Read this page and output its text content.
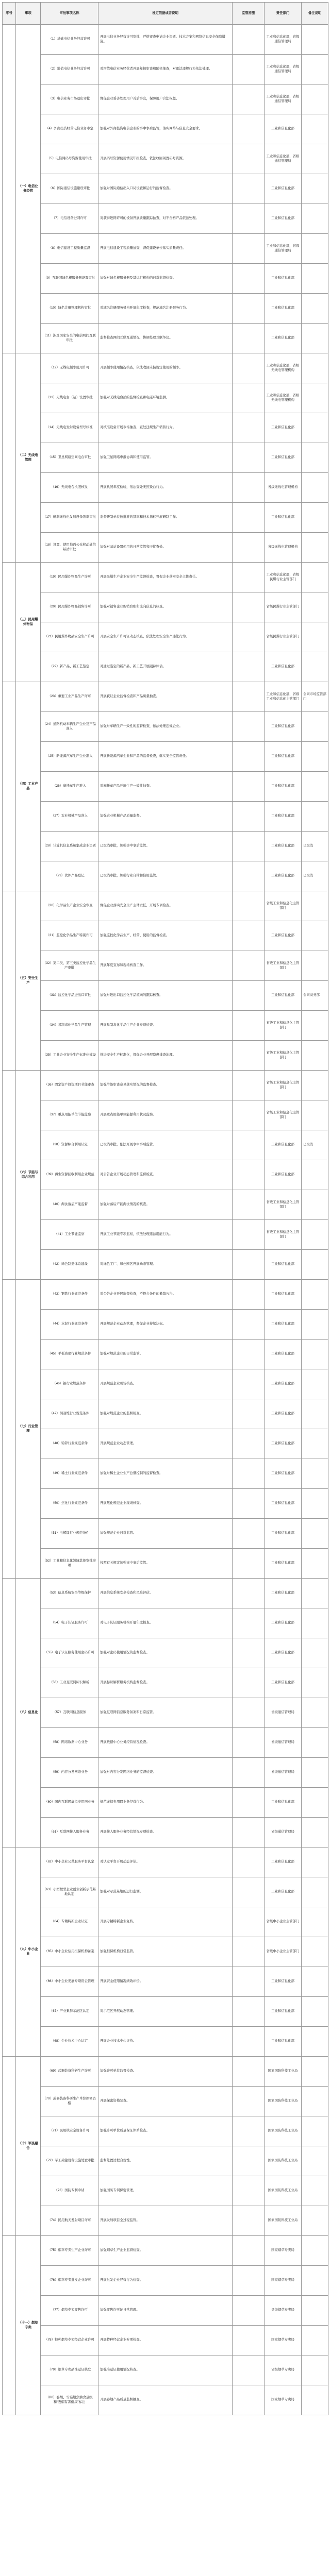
序号	事项	审批事项名称	设定依据或者说明	监管措施	责任部门	备注说明
	（一）电信业务经营	（1）基础电信业务经营许可	开展电信业务经营许可审批，严格审查申请企业资质、技术方案和网络信息安全保障措施。		工业和信息化部，省级通信管理局	
		（2）增值电信业务经营许可	对增值电信业务经营者开展年报审查和随机抽查，对违法违规行为依法处理。		工业和信息化部，省级通信管理局	
		（3）电信业务市场退出审批	督促企业妥善处理用户善后事宜，保障用户合法权益。		工业和信息化部，省级通信管理局	
		（4）外商投资经营电信业务审定	加强对外商投资电信企业的事中事后监管，落实网络与信息安全要求。		工业和信息化部	
		（5）电信网码号资源使用审批	开展码号资源使用情况年报检查，依法收回闲置码号资源。		工业和信息化部，省级通信管理局	
		（6）国际通信设施建设审批	加强对国际通信出入口局设置和运行的监督检查。		工业和信息化部	
		（7）电信设备进网许可	对获得进网许可的设备开展质量跟踪抽查，对不合格产品依法处理。		工业和信息化部	
		（8）电信建设工程质量监督	开展电信建设工程质量抽查，督促建设单位落实质量责任。		工业和信息化部，省级通信管理局	
		（9）互联网域名根服务器设置审批	加强对域名根服务器及其运行机构的日常监督检查。		工业和信息化部	
		（10）域名注册管理机构审批	对域名注册服务机构开展年度检查，规范域名注册服务行为。		工业和信息化部	
		（11）涉及国家安全的电信网间互联审批	监督检查网间互联互通情况，协调处理互联争议。		工业和信息化部	
	（二）无线电管理	（12）无线电频率使用许可	开展频率使用情况核查，依法收回未按规定使用的频率。		工业和信息化部，省级无线电管理机构	
		（13）无线电台（站）设置审批	加强对无线电台站的监督检查和电磁环境监测。		工业和信息化部，省级无线电管理机构	
		（14）无线电发射设备型号核准	对核准设备开展市场抽查，查处违规生产销售行为。		工业和信息化部	
		（15）卫星网络空间电台审批	加强卫星网络申报协调和使用监管。		工业和信息化部	
		（16）无线电台执照核发	开展执照年度检验，依法查处无照设台行为。		省级无线电管理机构	
		（17）研制无线电发射设备频率审批	监督研制单位按批准的频率和技术指标开展研制工作。		工业和信息化部	
		（18）设置、使用地面公众移动通信基站审批	加强对基站设置使用的日常监管和干扰查处。		省级无线电管理机构	
	（三）民用爆炸物品	（19）民用爆炸物品生产许可	开展民爆生产企业安全生产监督检查，督促企业落实安全主体责任。		工业和信息化部，省级民爆行业主管部门	
		（20）民用爆炸物品销售许可	加强对销售企业购销台账和流向信息的核查。		省级民爆行业主管部门	
		（21）民用爆炸物品安全生产许可	开展安全生产许可证动态核查，依法处理安全生产违法行为。		省级民爆行业主管部门	
		（22）新产品、新工艺鉴定	对通过鉴定的新产品、新工艺开展跟踪评估。		工业和信息化部	
	（四）工业产品	（23）重要工业产品生产许可	开展获证企业监督检查和产品质量抽查。		工业和信息化部，省级工业和信息化主管部门	会同市场监管部门
		（24）道路机动车辆生产企业及产品准入	加强对车辆生产一致性的监督检查，依法处理违规企业。		工业和信息化部	
		（25）新能源汽车生产企业准入	开展新能源汽车企业和产品的监督检查，落实安全监管责任。		工业和信息化部	
		（26）摩托车生产准入	对摩托车产品开展生产一致性抽查。		工业和信息化部	
		（27）农业机械产品准入	加强农业机械产品质量监督。		工业和信息化部	
		（28）计算机信息系统集成企业资质	已取消审批，加强事中事后监管。		工业和信息化部	已取消
		（29）软件产品登记	已取消审批，加强行业自律和信用监管。		工业和信息化部	已取消
	（五）安全生产	（30）化学品生产企业安全审查	督促企业落实安全生产主体责任，开展专项检查。		省级工业和信息化主管部门	
		（31）监控化学品生产特别许可	加强监控化学品生产、经营、使用的监督检查。		工业和信息化部	
		（32）第二类、第三类监控化学品生产审批	开展年度宣布和现场核查工作。		省级工业和信息化主管部门	
		（33）监控化学品进出口审批	加强对进出口监控化学品流向的跟踪核查。		工业和信息化部	会同商务部
		（34）易制毒化学品生产管理	开展易制毒化学品生产企业专项检查。		省级工业和信息化主管部门	
		（35）工业企业安全生产标准化建设	推进安全生产标准化，督促企业开展隐患排查治理。		省级工业和信息化主管部门	
	（六）节能与综合利用	（36）固定资产投资项目节能审查	加强节能审查意见落实情况的监督检查。		省级工业和信息化主管部门	
		（37）重点用能单位节能监察	开展重点用能单位能源利用状况监察。		省级工业和信息化主管部门	
		（38）资源综合利用认定	已取消审批，依法开展事中事后监管。		工业和信息化部	已取消
		（39）再生资源回收利用企业规范	对公告企业开展动态管理和监督检查。		工业和信息化部	
		（40）淘汰落后产能监督	加强对落后产能淘汰情况的核查。		省级工业和信息化主管部门	
		（41）工业节能监察	开展工业节能专项监察，依法处理违法用能行为。		省级工业和信息化主管部门	
		（42）绿色制造体系建设	对绿色工厂、绿色园区开展动态管理。		工业和信息化部	
	（七）行业管理	（43）钢铁行业规范条件	对公告企业开展监督检查，不符合条件的撤销公告。		工业和信息化部	
		（44）水泥行业规范条件	开展规范企业动态管理，督促企业持续达标。		工业和信息化部	
		（45）平板玻璃行业规范条件	加强对规范企业的日常监管。		工业和信息化部	
		（46）铝行业规范条件	开展规范企业现场核查。		工业和信息化部	
		（47）铜冶炼行业规范条件	加强对规范企业的监督检查。		工业和信息化部	
		（48）铅锌行业规范条件	开展规范企业动态管理。		工业和信息化部	
		（49）稀土行业规范条件	加强对稀土企业生产总量控制的监督检查。		工业和信息化部	
		（50）焦化行业规范条件	开展焦化规范企业现场核查。		工业和信息化部	
		（51）电解锰行业规范条件	加强规范企业日常监管。		工业和信息化部	
		（52）工业和信息化领域其他审批事项	按照有关规定加强事中事后监管。		工业和信息化部	
	（八）信息化	（53）信息系统安全等级保护	开展信息系统安全检查和风险评估。		工业和信息化部	
		（54）电子认证服务许可	对电子认证服务机构开展年度检查。		工业和信息化部	
		（55）电子认证服务使用密码许可	加强对密码使用情况的监督检查。		工业和信息化部	
		（56）工业互联网标识解析	开展标识解析服务机构监督检查。		工业和信息化部	
		（57）互联网信息服务	加强互联网信息服务备案和日常监管。		省级通信管理局	
		（58）网络数据中心业务	开展数据中心业务经营情况检查。		省级通信管理局	
		（59）内容分发网络业务	加强对内容分发网络业务的监督检查。		省级通信管理局	
		（60）国内互联网虚拟专用网业务	规范虚拟专用网业务经营行为。		工业和信息化部	
		（61）互联网接入服务业务	开展接入服务业务经营情况专项检查。		省级通信管理局	
	（九）中小企业	（62）中小企业公共服务平台认定	对认定平台开展动态评估。		工业和信息化部	
		（63）小型微型企业创业创新示范基地认定	加强对示范基地的运行监测。		工业和信息化部	
		（64）专精特新企业认定	开展专精特新企业复核。		省级中小企业主管部门	
		（65）中小企业信用担保机构备案	加强担保机构日常监管。		省级中小企业主管部门	
		（66）中小企业发展专项资金管理	开展资金使用情况绩效评价。		工业和信息化部	
		（67）产业集群示范区认定	对示范区开展动态管理。		工业和信息化部	
		（68）企业技术中心认定	开展企业技术中心评价。		工业和信息化部	
	（十）军民融合	（69）武器装备科研生产许可	加强许可单位监督检查。		国家国防科技工业局	
		（70）武器装备科研生产单位保密资格	开展保密资格复查。		国家国防科技工业局	
		（71）民用核安全设备许可	加强许可单位质量保证体系检查。		国家国防科技工业局	
		（72）军工关键设备设施处置审批	监督处置过程合规性。		国家国防科技工业局	
		（73）国防专利申请	加强国防专利保密管理。		国家国防科技工业局	
		（74）民用航天发射项目许可	开展发射项目全过程监管。		国家国防科技工业局	
	（十一）烟草专卖	（75）烟草专卖生产企业许可	加强烟草生产企业监督检查。		国家烟草专卖局	
		（76）烟草专卖批发企业许可	开展批发企业经营行为检查。		国家烟草专卖局	
		（77）烟草专卖零售许可	加强零售许可证日常管理。		县级烟草专卖局	
		（78）特种烟草专卖经营企业许可	开展特种经营企业专项检查。		国家烟草专卖局	
		（79）烟草专卖品准运证核发	加强准运证使用情况核查。		省级烟草专卖局	
		（80）卷烟、雪茄烟焦油含量级和“吸烟有害健康”标注	开展卷烟产品质量监督抽查。		国家烟草专卖局	
